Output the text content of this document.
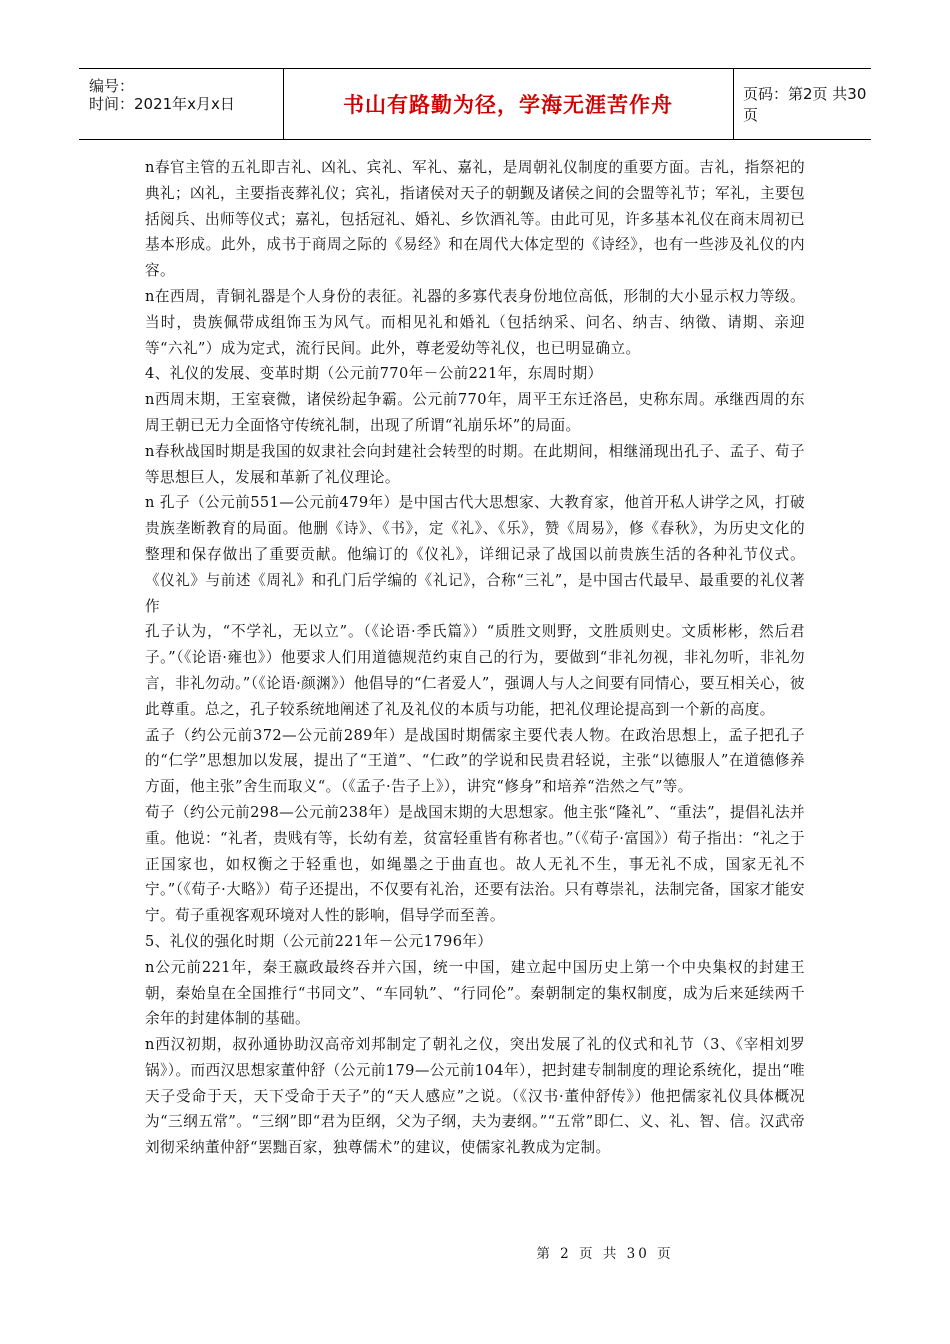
编号：
时间：2021年x月x日	书山有路勤为径，学海无涯苦作舟	页码：第2页 共30页

n春官主管的五礼即吉礼、凶礼、宾礼、军礼、嘉礼，是周朝礼仪制度的重要方面。吉礼，指祭祀的典礼；凶礼，主要指丧葬礼仪；宾礼，指诸侯对天子的朝觐及诸侯之间的会盟等礼节；军礼，主要包括阅兵、出师等仪式；嘉礼，包括冠礼、婚礼、乡饮酒礼等。由此可见，许多基本礼仪在商末周初已基本形成。此外，成书于商周之际的《易经》和在周代大体定型的《诗经》，也有一些涉及礼仪的内容。

n在西周，青铜礼器是个人身份的表征。礼器的多寡代表身份地位高低，形制的大小显示权力等级。当时，贵族佩带成组饰玉为风气。而相见礼和婚礼（包括纳采、问名、纳吉、纳徵、请期、亲迎等“六礼”）成为定式，流行民间。此外，尊老爱幼等礼仪，也已明显确立。

4、礼仪的发展、变革时期（公元前770年－公前221年，东周时期）

n西周末期，王室衰微，诸侯纷起争霸。公元前770年，周平王东迁洛邑，史称东周。承继西周的东周王朝已无力全面恪守传统礼制，出现了所谓“礼崩乐坏”的局面。

n春秋战国时期是我国的奴隶社会向封建社会转型的时期。在此期间，相继涌现出孔子、孟子、荀子等思想巨人，发展和革新了礼仪理论。

n 孔子（公元前551—公元前479年）是中国古代大思想家、大教育家，他首开私人讲学之风，打破贵族垄断教育的局面。他删《诗》、《书》，定《礼》、《乐》，赞《周易》，修《春秋》，为历史文化的整理和保存做出了重要贡献。他编订的《仪礼》，详细记录了战国以前贵族生活的各种礼节仪式。《仪礼》与前述《周礼》和孔门后学编的《礼记》，合称“三礼”，是中国古代最早、最重要的礼仪著作

孔子认为，“不学礼，无以立”。（《论语·季氏篇》）“质胜文则野，文胜质则史。文质彬彬，然后君子。”（《论语·雍也》）他要求人们用道德规范约束自己的行为，要做到“非礼勿视，非礼勿听，非礼勿言，非礼勿动。”（《论语·颜渊》）他倡导的“仁者爱人”，强调人与人之间要有同情心，要互相关心，彼此尊重。总之，孔子较系统地阐述了礼及礼仪的本质与功能，把礼仪理论提高到一个新的高度。

孟子（约公元前372—公元前289年）是战国时期儒家主要代表人物。在政治思想上，孟子把孔子的“仁学”思想加以发展，提出了“王道”、“仁政”的学说和民贵君轻说，主张“以德服人”在道德修养方面，他主张”舍生而取义“。（《孟子·告子上》），讲究“修身”和培养“浩然之气”等。

荀子（约公元前298—公元前238年）是战国末期的大思想家。他主张“隆礼”、“重法”，提倡礼法并重。他说：“礼者，贵贱有等，长幼有差，贫富轻重皆有称者也。”（《荀子·富国》）荀子指出：“礼之于正国家也，如权衡之于轻重也，如绳墨之于曲直也。故人无礼不生，事无礼不成，国家无礼不宁。”（《荀子·大略》）荀子还提出，不仅要有礼治，还要有法治。只有尊崇礼，法制完备，国家才能安宁。荀子重视客观环境对人性的影响，倡导学而至善。

5、礼仪的强化时期（公元前221年－公元1796年）

n公元前221年，秦王嬴政最终吞并六国，统一中国，建立起中国历史上第一个中央集权的封建王朝，秦始皇在全国推行“书同文”、“车同轨”、“行同伦”。秦朝制定的集权制度，成为后来延续两千余年的封建体制的基础。

n西汉初期，叔孙通协助汉高帝刘邦制定了朝礼之仪，突出发展了礼的仪式和礼节（3、《宰相刘罗锅》）。而西汉思想家董仲舒（公元前179—公元前104年），把封建专制制度的理论系统化，提出“唯天子受命于天，天下受命于天子”的“天人感应”之说。（《汉书·董仲舒传》）他把儒家礼仪具体概况为“三纲五常”。“三纲”即“君为臣纲，父为子纲，夫为妻纲。”“五常”即仁、义、礼、智、信。汉武帝刘彻采纳董仲舒“罢黜百家，独尊儒术”的建议，使儒家礼教成为定制。

第 2 页 共 30 页
